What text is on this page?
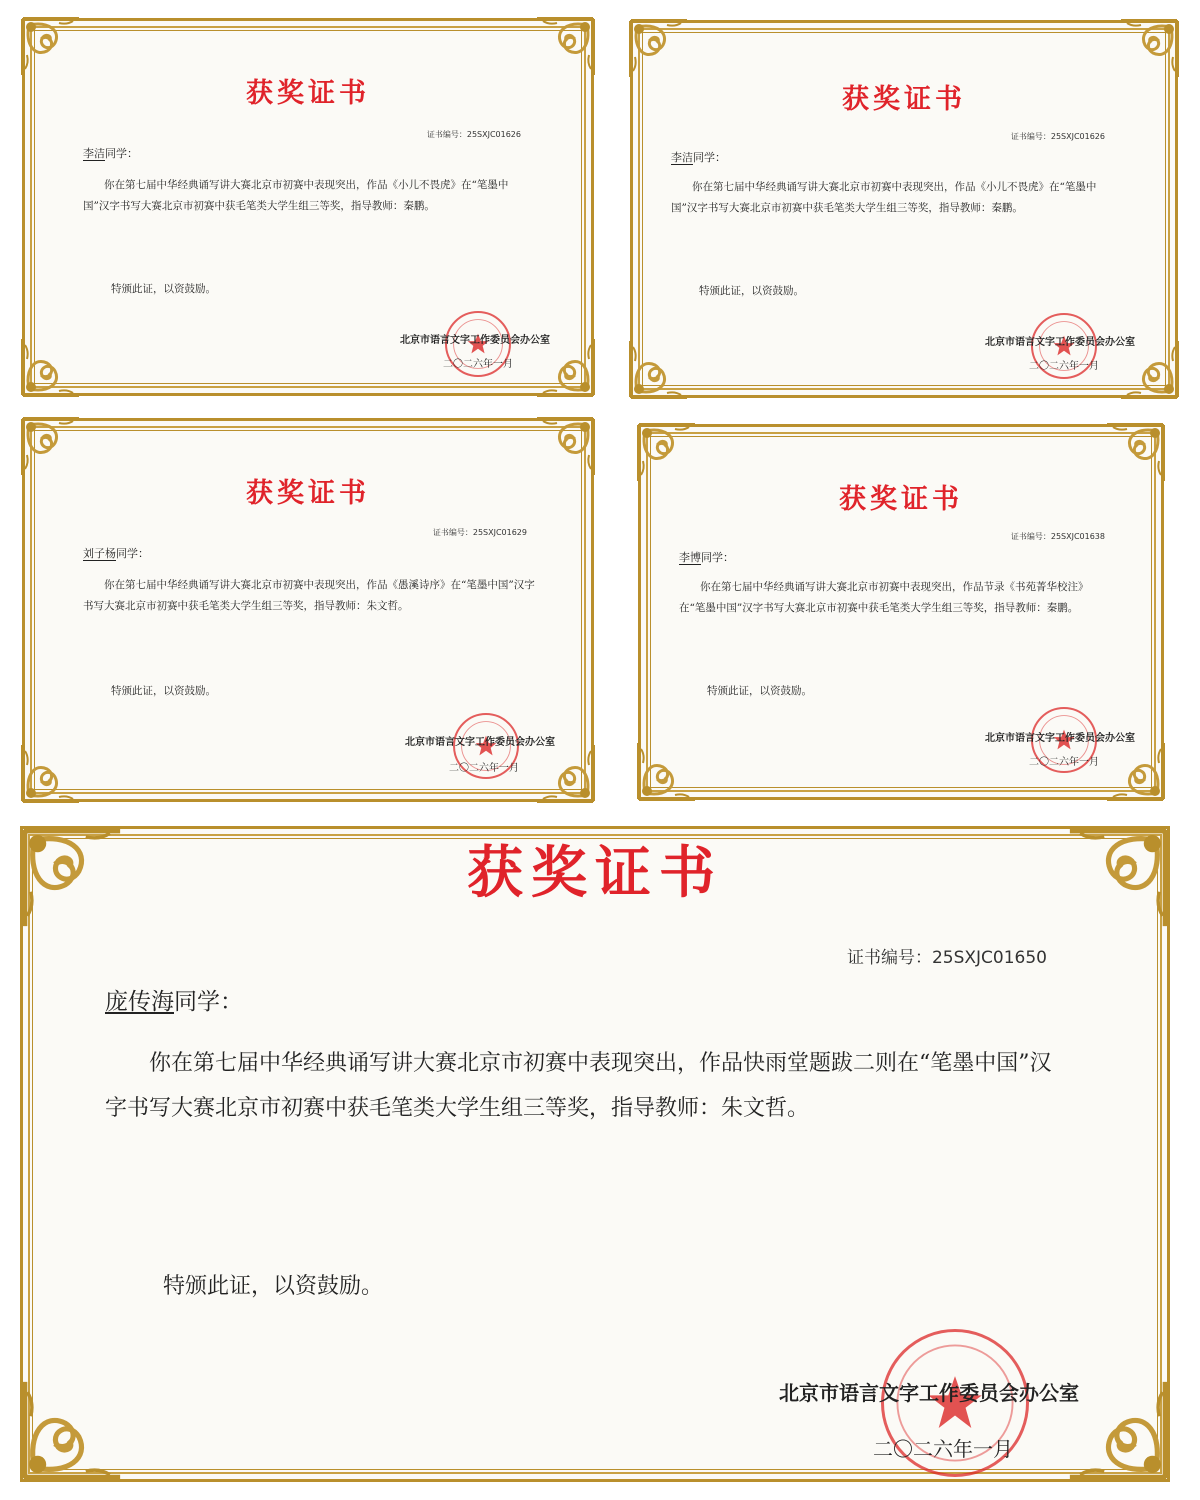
获奖证书
证书编号：25SXJC01626
李洁同学：
你在第七届中华经典诵写讲大赛北京市初赛中表现突出，作品《小儿不畏虎》在“笔墨中国”汉字书写大赛北京市初赛中获毛笔类大学生组三等奖，指导教师：秦鹏。
特颁此证，以资鼓励。
北京市语言文字工作委员会办公室
二〇二六年一月
获奖证书
证书编号：25SXJC01626
李洁同学：
你在第七届中华经典诵写讲大赛北京市初赛中表现突出，作品《小儿不畏虎》在“笔墨中国”汉字书写大赛北京市初赛中获毛笔类大学生组三等奖，指导教师：秦鹏。
特颁此证，以资鼓励。
北京市语言文字工作委员会办公室
二〇二六年一月
获奖证书
证书编号：25SXJC01629
刘子杨同学：
你在第七届中华经典诵写讲大赛北京市初赛中表现突出，作品《愚溪诗序》在“笔墨中国”汉字书写大赛北京市初赛中获毛笔类大学生组三等奖，指导教师：朱文哲。
特颁此证，以资鼓励。
北京市语言文字工作委员会办公室
二〇二六年一月
获奖证书
证书编号：25SXJC01638
李博同学：
你在第七届中华经典诵写讲大赛北京市初赛中表现突出，作品节录《书苑菁华校注》在“笔墨中国”汉字书写大赛北京市初赛中获毛笔类大学生组三等奖，指导教师：秦鹏。
特颁此证，以资鼓励。
北京市语言文字工作委员会办公室
二〇二六年一月
获奖证书
证书编号：25SXJC01650
庞传海同学：
你在第七届中华经典诵写讲大赛北京市初赛中表现突出，作品快雨堂题跋二则在“笔墨中国”汉字书写大赛北京市初赛中获毛笔类大学生组三等奖，指导教师：朱文哲。
特颁此证，以资鼓励。
北京市语言文字工作委员会办公室
二〇二六年一月
